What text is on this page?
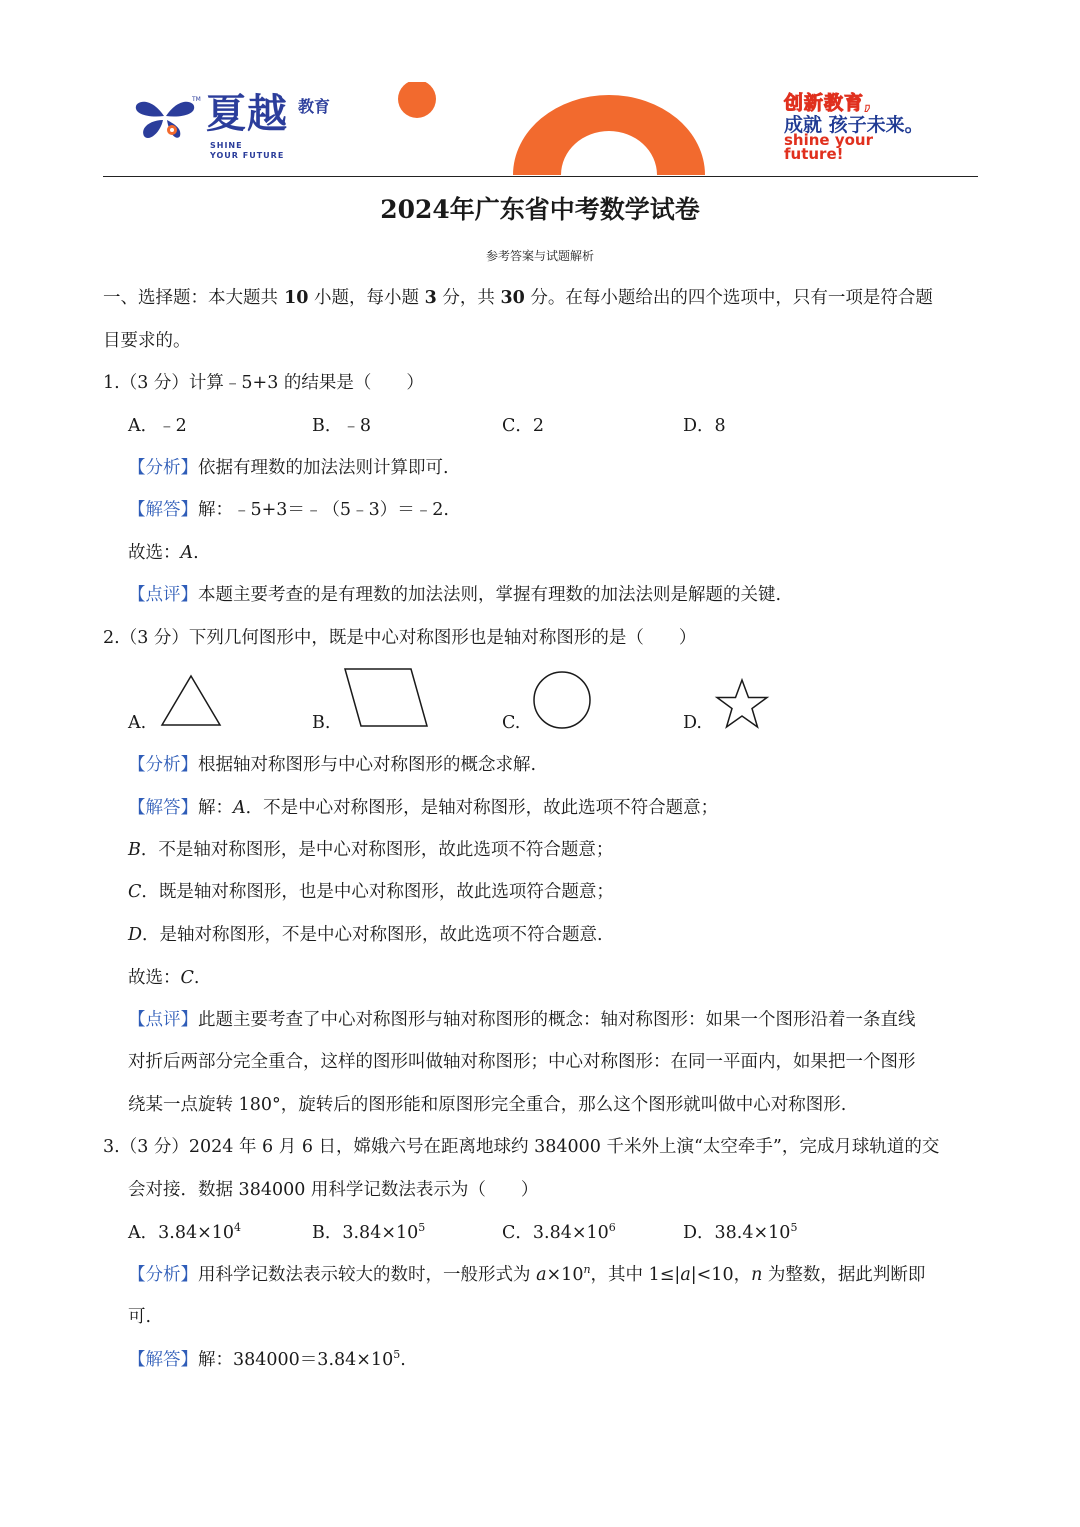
TM 夏越 教育
SHINE
YOUR FUTURE
创新教育,
成就 孩子未来。
shine your future!
2024年广东省中考数学试卷
参考答案与试题解析
一、选择题：本大题共 10 小题，每小题 3 分，共 30 分。在每小题给出的四个选项中，只有一项是符合题
目要求的。
1.（3 分）计算﹣5+3 的结果是（　　）
A．﹣2	B．﹣8	C．2	D．8
【分析】依据有理数的加法法则计算即可.
【解答】解：﹣5+3＝﹣（5﹣3）＝﹣2.
故选：A.
【点评】本题主要考查的是有理数的加法法则，掌握有理数的加法法则是解题的关键.
2.（3 分）下列几何图形中，既是中心对称图形也是轴对称图形的是（　　）
A.	B.	C.	D.
【分析】根据轴对称图形与中心对称图形的概念求解.
【解答】解：A．不是中心对称图形，是轴对称图形，故此选项不符合题意；
B．不是轴对称图形，是中心对称图形，故此选项不符合题意；
C．既是轴对称图形，也是中心对称图形，故此选项符合题意；
D．是轴对称图形，不是中心对称图形，故此选项不符合题意.
故选：C.
【点评】此题主要考查了中心对称图形与轴对称图形的概念：轴对称图形：如果一个图形沿着一条直线
对折后两部分完全重合，这样的图形叫做轴对称图形；中心对称图形：在同一平面内，如果把一个图形
绕某一点旋转 180°，旋转后的图形能和原图形完全重合，那么这个图形就叫做中心对称图形.
3.（3 分）2024 年 6 月 6 日，嫦娥六号在距离地球约 384000 千米外上演“太空牵手”，完成月球轨道的交
会对接．数据 384000 用科学记数法表示为（　　）
A．$3.84\times 10^4$	B．$3.84\times 10^5$	C．$3.84\times 10^6$	D．$38.4\times 10^5$
【分析】用科学记数法表示较大的数时，一般形式为 $a\times 10^n$，其中 1≤|a|<10，n 为整数，据此判断即
可.
【解答】解：$384000=3.84\times 10^5$.
